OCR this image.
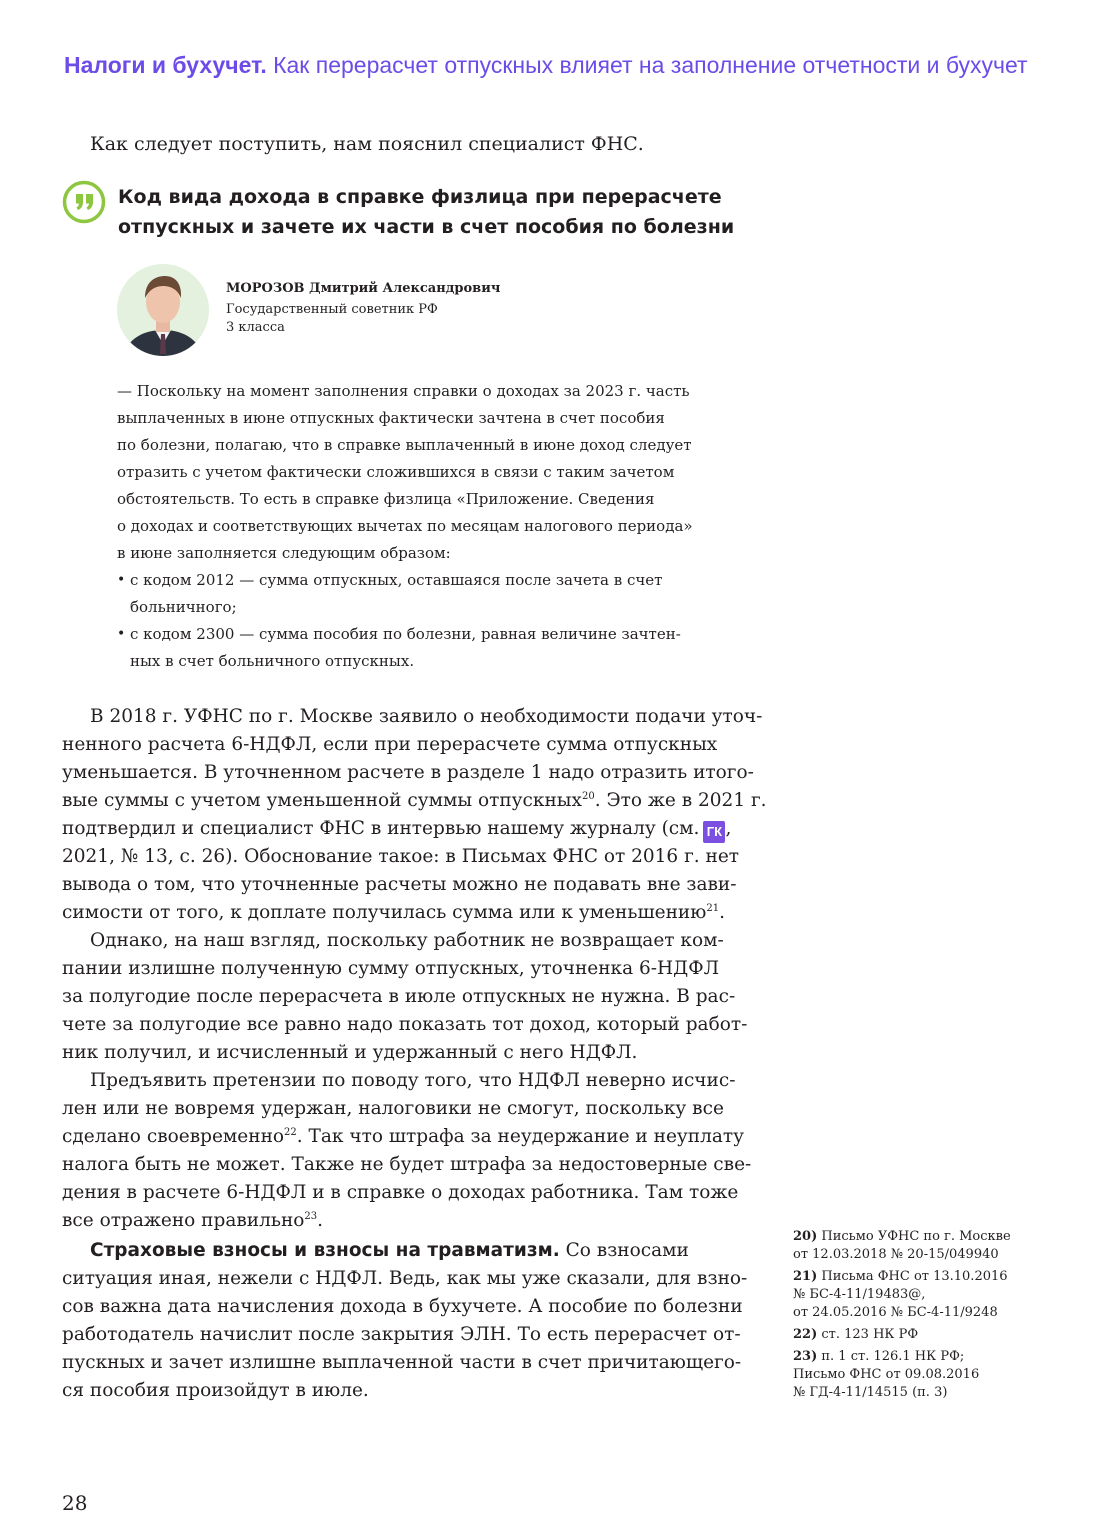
Налоги и бухучет. Как перерасчет отпускных влияет на заполнение отчетности и бухучет
Как следует поступить, нам пояснил специалист ФНС.
Код вида дохода в справке физлица при перерасчете
отпускных и зачете их части в счет пособия по болезни
МОРОЗОВ Дмитрий Александрович
Государственный советник РФ
3 класса
— Поскольку на момент заполнения справки о доходах за 2023 г. часть
выплаченных в июне отпускных фактически зачтена в счет пособия
по болезни, полагаю, что в справке выплаченный в июне доход следует
отразить с учетом фактически сложившихся в связи с таким зачетом
обстоятельств. То есть в справке физлица «Приложение. Сведения
о доходах и соответствующих вычетах по месяцам налогового периода»
в июне заполняется следующим образом:
• с кодом 2012 — сумма отпускных, оставшаяся после зачета в счет
больничного;
• с кодом 2300 — сумма пособия по болезни, равная величине зачтен-
ных в счет больничного отпускных.
В 2018 г. УФНС по г. Москве заявило о необходимости подачи уточ-
ненного расчета 6-НДФЛ, если при перерасчете сумма отпускных
уменьшается. В уточненном расчете в разделе 1 надо отразить итого-
вые суммы с учетом уменьшенной суммы отпускных$^{20}$. Это же в 2021 г.
подтвердил и специалист ФНС в интервью нашему журналу (см. ГК ,
2021, № 13, с. 26). Обоснование такое: в Письмах ФНС от 2016 г. нет
вывода о том, что уточненные расчеты можно не подавать вне зави-
симости от того, к доплате получилась сумма или к уменьшению$^{21}$.
Однако, на наш взгляд, поскольку работник не возвращает ком-
пании излишне полученную сумму отпускных, уточненка 6-НДФЛ
за полугодие после перерасчета в июле отпускных не нужна. В рас-
чете за полугодие все равно надо показать тот доход, который работ-
ник получил, и исчисленный и удержанный с него НДФЛ.
Предъявить претензии по поводу того, что НДФЛ неверно исчис-
лен или не вовремя удержан, налоговики не смогут, поскольку все
сделано своевременно$^{22}$. Так что штрафа за неудержание и неуплату
налога быть не может. Также не будет штрафа за недостоверные све-
дения в расчете 6-НДФЛ и в справке о доходах работника. Там тоже
все отражено правильно$^{23}$.
Страховые взносы и взносы на травматизм. Со взносами
ситуация иная, нежели с НДФЛ. Ведь, как мы уже сказали, для взно-
сов важна дата начисления дохода в бухучете. А пособие по болезни
работодатель начислит после закрытия ЭЛН. То есть перерасчет от-
пускных и зачет излишне выплаченной части в счет причитающего-
ся пособия произойдут в июле.
20) Письмо УФНС по г. Москве
от 12.03.2018 № 20-15/049940
21) Письма ФНС от 13.10.2016
№ БС-4-11/19483@,
от 24.05.2016 № БС-4-11/9248
22) ст. 123 НК РФ
23) п. 1 ст. 126.1 НК РФ;
Письмо ФНС от 09.08.2016
№ ГД-4-11/14515 (п. 3)
28
